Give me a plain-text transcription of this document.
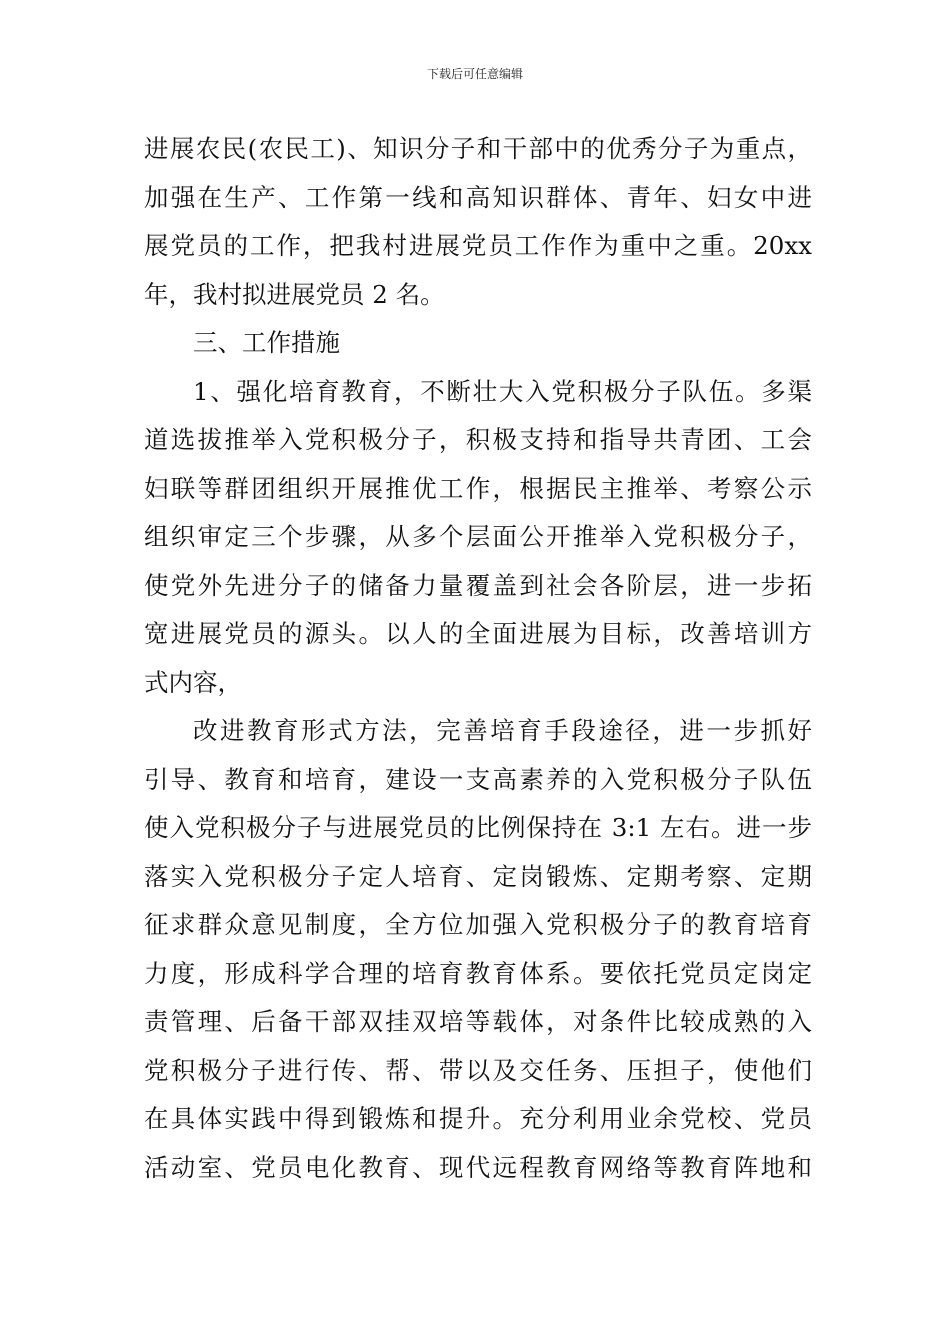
下载后可任意编辑
进展农民(农民工)、知识分子和干部中的优秀分子为重点，
加强在生产、工作第一线和高知识群体、青年、妇女中进
展党员的工作，把我村进展党员工作作为重中之重。20xx
年，我村拟进展党员 2 名。
三、工作措施
1、强化培育教育，不断壮大入党积极分子队伍。多渠
道选拔推举入党积极分子，积极支持和指导共青团、工会
妇联等群团组织开展推优工作，根据民主推举、考察公示
组织审定三个步骤，从多个层面公开推举入党积极分子，
使党外先进分子的储备力量覆盖到社会各阶层，进一步拓
宽进展党员的源头。以人的全面进展为目标，改善培训方
式内容，
改进教育形式方法，完善培育手段途径，进一步抓好
引导、教育和培育，建设一支高素养的入党积极分子队伍
使入党积极分子与进展党员的比例保持在 3:1 左右。进一步
落实入党积极分子定人培育、定岗锻炼、定期考察、定期
征求群众意见制度，全方位加强入党积极分子的教育培育
力度，形成科学合理的培育教育体系。要依托党员定岗定
责管理、后备干部双挂双培等载体，对条件比较成熟的入
党积极分子进行传、帮、带以及交任务、压担子，使他们
在具体实践中得到锻炼和提升。充分利用业余党校、党员
活动室、党员电化教育、现代远程教育网络等教育阵地和
